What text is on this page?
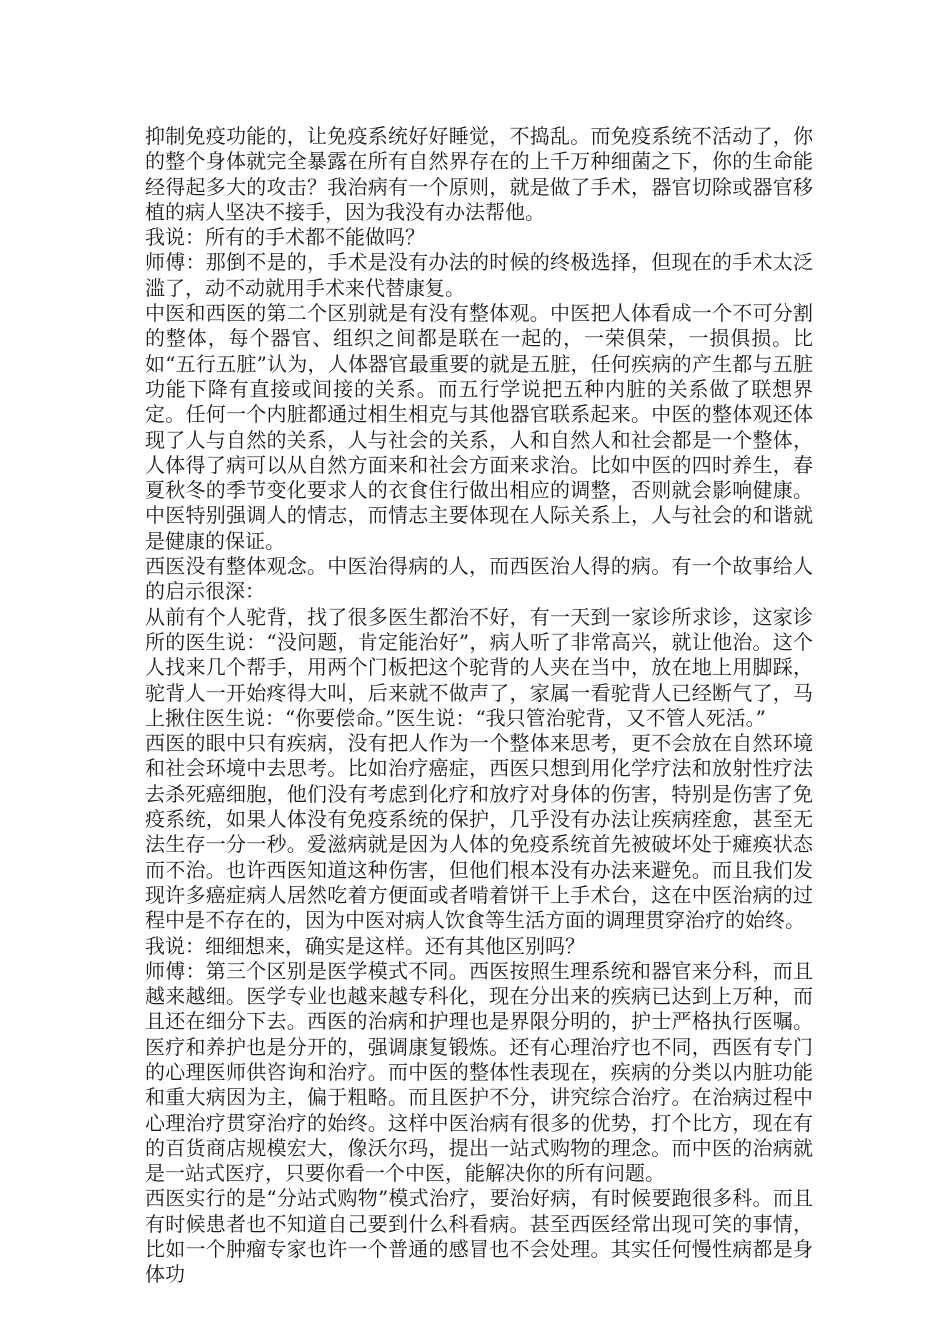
抑制免疫功能的，让免疫系统好好睡觉，不捣乱。而免疫系统不活动了，你的整个身体就完全暴露在所有自然界存在的上千万种细菌之下，你的生命能经得起多大的攻击？我治病有一个原则，就是做了手术，器官切除或器官移植的病人坚决不接手，因为我没有办法帮他。

我说：所有的手术都不能做吗？

师傅：那倒不是的，手术是没有办法的时候的终极选择，但现在的手术太泛滥了，动不动就用手术来代替康复。

中医和西医的第二个区别就是有没有整体观。中医把人体看成一个不可分割的整体，每个器官、组织之间都是联在一起的，一荣俱荣，一损俱损。比如“五行五脏”认为，人体器官最重要的就是五脏，任何疾病的产生都与五脏功能下降有直接或间接的关系。而五行学说把五种内脏的关系做了联想界定。任何一个内脏都通过相生相克与其他器官联系起来。中医的整体观还体现了人与自然的关系，人与社会的关系，人和自然人和社会都是一个整体，人体得了病可以从自然方面来和社会方面来求治。比如中医的四时养生，春夏秋冬的季节变化要求人的衣食住行做出相应的调整，否则就会影响健康。中医特别强调人的情志，而情志主要体现在人际关系上，人与社会的和谐就是健康的保证。

西医没有整体观念。中医治得病的人，而西医治人得的病。有一个故事给人的启示很深：

从前有个人驼背，找了很多医生都治不好，有一天到一家诊所求诊，这家诊所的医生说：“没问题，肯定能治好”，病人听了非常高兴，就让他治。这个人找来几个帮手，用两个门板把这个驼背的人夹在当中，放在地上用脚踩，驼背人一开始疼得大叫，后来就不做声了，家属一看驼背人已经断气了，马上揪住医生说：“你要偿命。”医生说：“我只管治驼背，又不管人死活。”

西医的眼中只有疾病，没有把人作为一个整体来思考，更不会放在自然环境和社会环境中去思考。比如治疗癌症，西医只想到用化学疗法和放射性疗法去杀死癌细胞，他们没有考虑到化疗和放疗对身体的伤害，特别是伤害了免疫系统，如果人体没有免疫系统的保护，几乎没有办法让疾病痊愈，甚至无法生存一分一秒。爱滋病就是因为人体的免疫系统首先被破坏处于瘫痪状态而不治。也许西医知道这种伤害，但他们根本没有办法来避免。而且我们发现许多癌症病人居然吃着方便面或者啃着饼干上手术台，这在中医治病的过程中是不存在的，因为中医对病人饮食等生活方面的调理贯穿治疗的始终。

我说：细细想来，确实是这样。还有其他区别吗？

师傅：第三个区别是医学模式不同。西医按照生理系统和器官来分科，而且越来越细。医学专业也越来越专科化，现在分出来的疾病已达到上万种，而且还在细分下去。西医的治病和护理也是界限分明的，护士严格执行医嘱。医疗和养护也是分开的，强调康复锻炼。还有心理治疗也不同，西医有专门的心理医师供咨询和治疗。而中医的整体性表现在，疾病的分类以内脏功能和重大病因为主，偏于粗略。而且医护不分，讲究综合治疗。在治病过程中心理治疗贯穿治疗的始终。这样中医治病有很多的优势，打个比方，现在有的百货商店规模宏大，像沃尔玛，提出一站式购物的理念。而中医的治病就是一站式医疗，只要你看一个中医，能解决你的所有问题。

西医实行的是“分站式购物”模式治疗，要治好病，有时候要跑很多科。而且有时候患者也不知道自己要到什么科看病。甚至西医经常出现可笑的事情，比如一个肿瘤专家也许一个普通的感冒也不会处理。其实任何慢性病都是身体功
